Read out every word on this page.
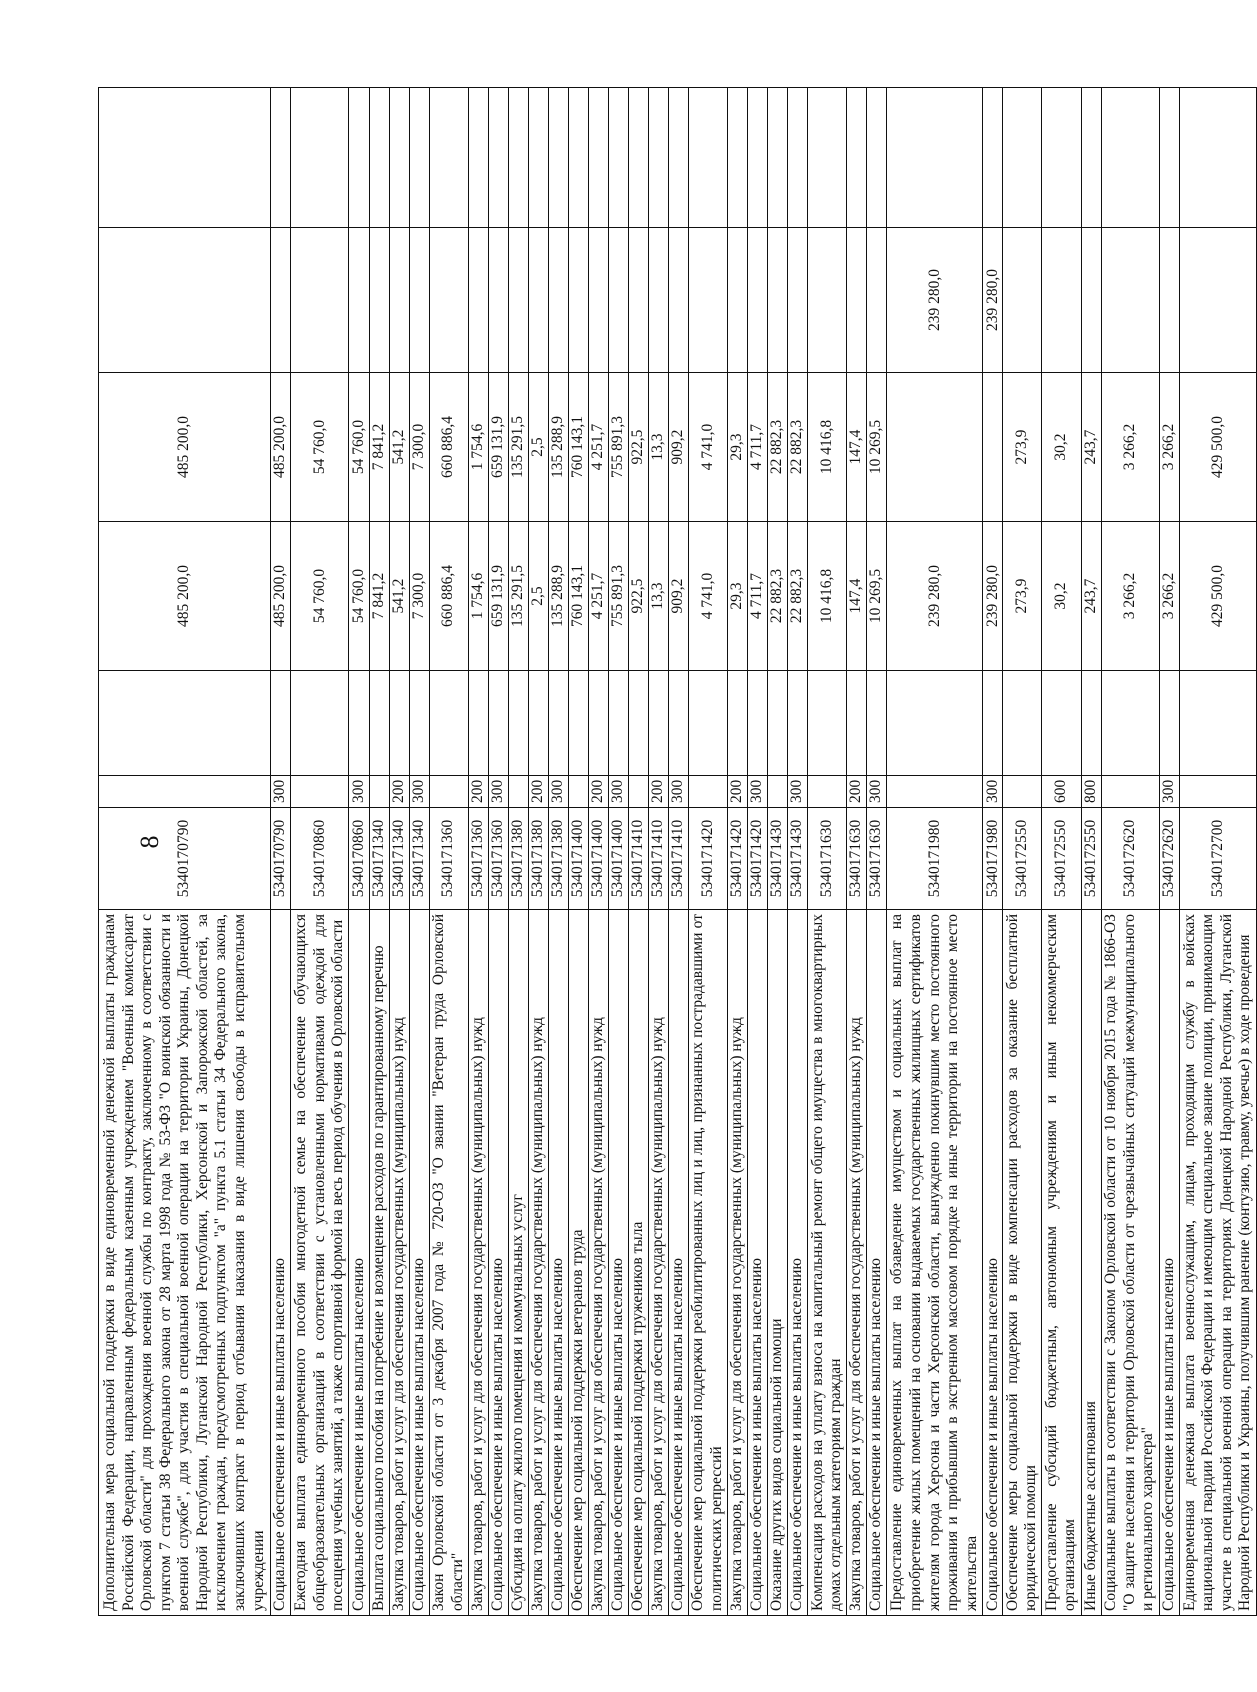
8
Дополнительная мера социальной поддержки в виде единовременной денежной выплаты гражданам Российской Федерации, направленным федеральным казенным учреждением "Военный комиссариат Орловской области" для прохождения военной службы по контракту, заключенному в соответствии с пунктом 7 статьи 38 Федерального закона от 28 марта 1998 года № 53-ФЗ "О воинской обязанности и военной службе", для участия в специальной военной операции на территории Украины, Донецкой Народной Республики, Луганской Народной Республики, Херсонской и Запорожской областей, за исключением граждан, предусмотренных подпунктом "а" пункта 5.1 статьи 34 Федерального закона, заключивших контракт в период отбывания наказания в виде лишения свободы в исправительном учреждении	5340170790			485 200,0	485 200,0		
Социальное обеспечение и иные выплаты населению	5340170790	300		485 200,0	485 200,0		
Ежегодная выплата единовременного пособия многодетной семье на обеспечение обучающихся общеобразовательных организаций в соответствии с установленными нормативами одеждой для посещения учебных занятий, а также спортивной формой на весь период обучения в Орловской области	5340170860			54 760,0	54 760,0		
Социальное обеспечение и иные выплаты населению	5340170860	300		54 760,0	54 760,0		
Выплата социального пособия на погребение и возмещение расходов по гарантированному перечню	5340171340			7 841,2	7 841,2		
Закупка товаров, работ и услуг для обеспечения государственных (муниципальных) нужд	5340171340	200		541,2	541,2		
Социальное обеспечение и иные выплаты населению	5340171340	300		7 300,0	7 300,0		
Закон Орловской области от 3 декабря 2007 года № 720-ОЗ "О звании "Ветеран труда Орловской области"	5340171360			660 886,4	660 886,4		
Закупка товаров, работ и услуг для обеспечения государственных (муниципальных) нужд	5340171360	200		1 754,6	1 754,6		
Социальное обеспечение и иные выплаты населению	5340171360	300		659 131,9	659 131,9		
Субсидия на оплату жилого помещения и коммунальных услуг	5340171380			135 291,5	135 291,5		
Закупка товаров, работ и услуг для обеспечения государственных (муниципальных) нужд	5340171380	200		2,5	2,5		
Социальное обеспечение и иные выплаты населению	5340171380	300		135 288,9	135 288,9		
Обеспечение мер социальной поддержки ветеранов труда	5340171400			760 143,1	760 143,1		
Закупка товаров, работ и услуг для обеспечения государственных (муниципальных) нужд	5340171400	200		4 251,7	4 251,7		
Социальное обеспечение и иные выплаты населению	5340171400	300		755 891,3	755 891,3		
Обеспечение мер социальной поддержки тружеников тыла	5340171410			922,5	922,5		
Закупка товаров, работ и услуг для обеспечения государственных (муниципальных) нужд	5340171410	200		13,3	13,3		
Социальное обеспечение и иные выплаты населению	5340171410	300		909,2	909,2		
Обеспечение мер социальной поддержки реабилитированных лиц и лиц, признанных пострадавшими от политических репрессий	5340171420			4 741,0	4 741,0		
Закупка товаров, работ и услуг для обеспечения государственных (муниципальных) нужд	5340171420	200		29,3	29,3		
Социальное обеспечение и иные выплаты населению	5340171420	300		4 711,7	4 711,7		
Оказание других видов социальной помощи	5340171430			22 882,3	22 882,3		
Социальное обеспечение и иные выплаты населению	5340171430	300		22 882,3	22 882,3		
Компенсация расходов на уплату взноса на капитальный ремонт общего имущества в многоквартирных домах отдельным категориям граждан	5340171630			10 416,8	10 416,8		
Закупка товаров, работ и услуг для обеспечения государственных (муниципальных) нужд	5340171630	200		147,4	147,4		
Социальное обеспечение и иные выплаты населению	5340171630	300		10 269,5	10 269,5		
Предоставление единовременных выплат на обзаведение имуществом и социальных выплат на приобретение жилых помещений на основании выдаваемых государственных жилищных сертификатов жителям города Херсона и части Херсонской области, вынужденно покинувшим место постоянного проживания и прибывшим в экстренном массовом порядке на иные территории на постоянное место жительства	5340171980			239 280,0		239 280,0	
Социальное обеспечение и иные выплаты населению	5340171980	300		239 280,0		239 280,0	
Обеспечение меры социальной поддержки в виде компенсации расходов за оказание бесплатной юридической помощи	5340172550			273,9	273,9		
Предоставление субсидий бюджетным, автономным учреждениям и иным некоммерческим организациям	5340172550	600		30,2	30,2		
Иные бюджетные ассигнования	5340172550	800		243,7	243,7		
Социальные выплаты в соответствии с Законом Орловской области от 10 ноября 2015 года № 1866-ОЗ "О защите населения и территории Орловской области от чрезвычайных ситуаций межмуниципального и регионального характера"	5340172620			3 266,2	3 266,2		
Социальное обеспечение и иные выплаты населению	5340172620	300		3 266,2	3 266,2		
Единовременная денежная выплата военнослужащим, лицам, проходящим службу в войсках национальной гвардии Российской Федерации и имеющим специальное звание полиции, принимающим участие в специальной военной операции на территориях Донецкой Народной Республики, Луганской Народной Республики и Украины, получившим ранение (контузию, травму, увечье) в ходе проведения	5340172700			429 500,0	429 500,0		
